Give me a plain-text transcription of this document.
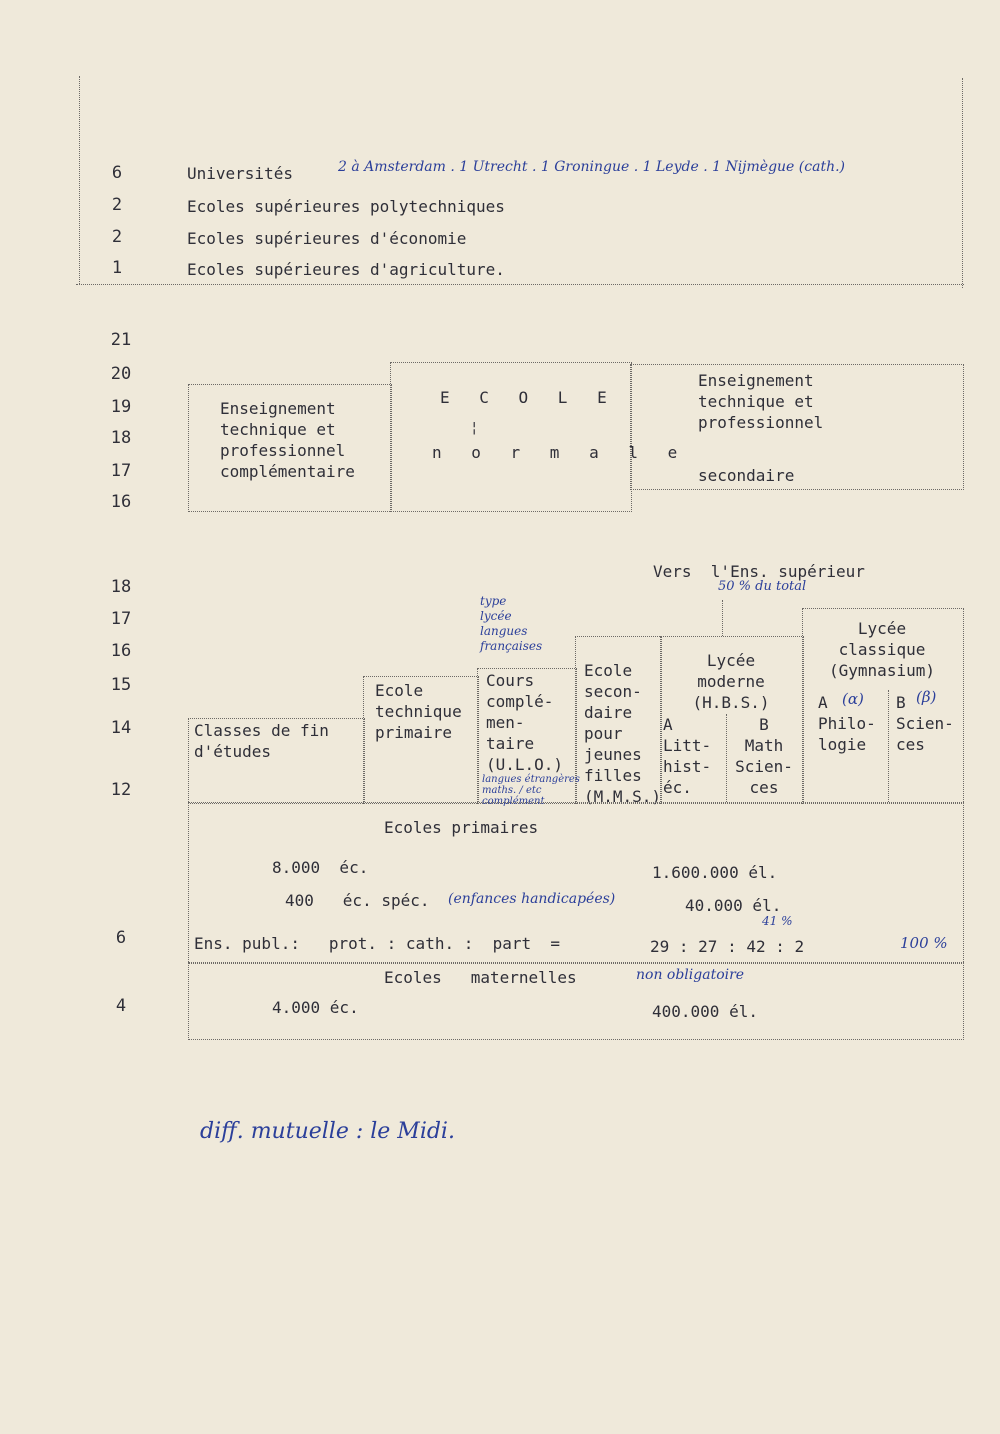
6	Universités	2 à Amsterdam . 1 Utrecht . 1 Groningue . 1 Leyde . 1 Nijmègue (cath.)
2	Ecoles supérieures polytechniques
2	Ecoles supérieures d'économie
1	Ecoles supérieures d'agriculture.
21
20
19
18
17
16
Enseignement
technique et
professionnel
complémentaire
E C O L E
¦
n o r m a l e
Enseignement
technique et
professionnel
secondaire
18
17
16
15
14
12
Vers  l'Ens. supérieur
50 % du total
Classes de fin
d'études
Ecole
technique
primaire
Cours
complé-
men-
taire
(U.L.O.)
type
lycée
langues
françaises
langues étrangères
maths. / etc
complément
Ecole
secon-
daire
pour
jeunes
filles
(M.M.S.)
Lycée
moderne
(H.B.S.)
A
Litt-
hist-
éc.
B
Math
Scien-
ces
Lycée
classique
(Gymnasium)
A
Philo-
logie
B
Scien-
ces
(α)	(β)
Ecoles primaires
8.000  éc.	1.600.000 él.
400   éc. spéc. (enfances handicapées)	40.000 él.
41 %
Ens. publ.:   prot. : cath. :  part  =	29 : 27 : 42 : 2	100 %
6
4
Ecoles   maternelles	non obligatoire
4.000 éc.	400.000 él.
diff. mutuelle : le Midi.
